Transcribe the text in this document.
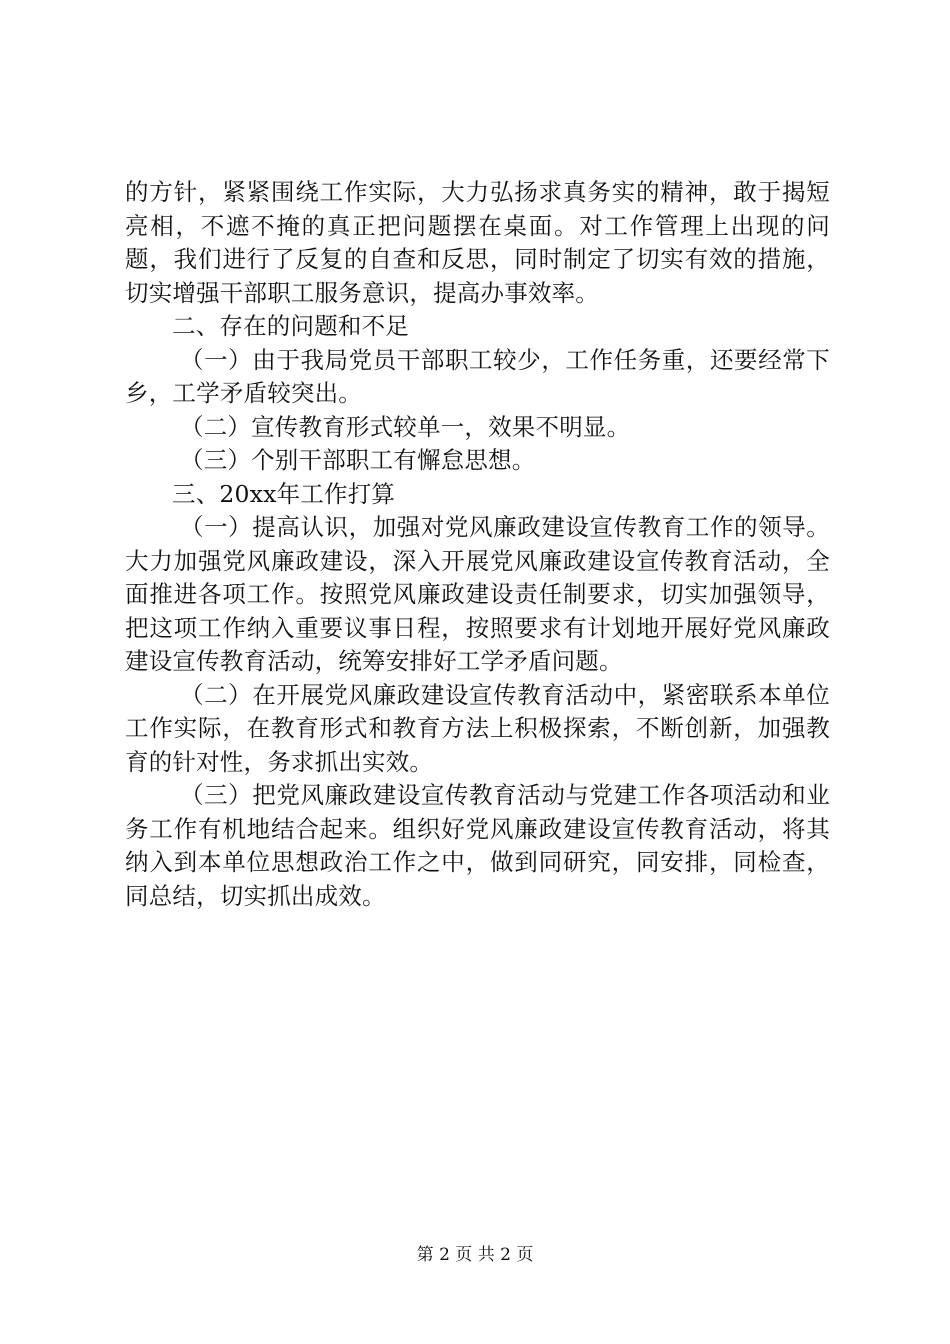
的方针，紧紧围绕工作实际，大力弘扬求真务实的精神，敢于揭短亮相，不遮不掩的真正把问题摆在桌面。对工作管理上出现的问题，我们进行了反复的自查和反思，同时制定了切实有效的措施，切实增强干部职工服务意识，提高办事效率。

二、存在的问题和不足

（一）由于我局党员干部职工较少，工作任务重，还要经常下乡，工学矛盾较突出。

（二）宣传教育形式较单一，效果不明显。

（三）个别干部职工有懈怠思想。

三、20xx年工作打算

（一）提高认识，加强对党风廉政建设宣传教育工作的领导。大力加强党风廉政建设，深入开展党风廉政建设宣传教育活动，全面推进各项工作。按照党风廉政建设责任制要求，切实加强领导，把这项工作纳入重要议事日程，按照要求有计划地开展好党风廉政建设宣传教育活动，统筹安排好工学矛盾问题。

（二）在开展党风廉政建设宣传教育活动中，紧密联系本单位工作实际，在教育形式和教育方法上积极探索，不断创新，加强教育的针对性，务求抓出实效。

（三）把党风廉政建设宣传教育活动与党建工作各项活动和业务工作有机地结合起来。组织好党风廉政建设宣传教育活动，将其纳入到本单位思想政治工作之中，做到同研究，同安排，同检查，同总结，切实抓出成效。

第 2 页 共 2 页
